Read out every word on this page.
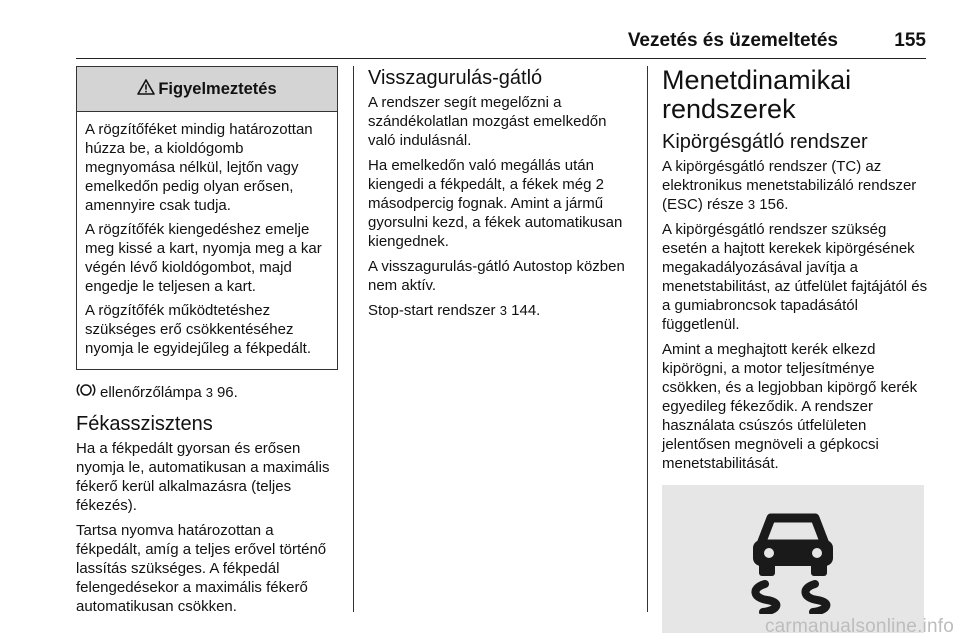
Vezetés és üzemeltetés	155
Figyelmeztetés

A rögzítőféket mindig határozottan húzza be, a kioldógomb megnyomása nélkül, lejtőn vagy emelkedőn pedig olyan erősen, amennyire csak tudja.

A rögzítőfék kiengedéshez emelje meg kissé a kart, nyomja meg a kar végén lévő kioldógombot, majd engedje le teljesen a kart.

A rögzítőfék működtetéshez szükséges erő csökkentéséhez nyomja le egyidejűleg a fékpedált.

ellenőrzőlámpa 3 96.
Fékasszisztens

Ha a fékpedált gyorsan és erősen nyomja le, automatikusan a maximális fékerő kerül alkalmazásra (teljes fékezés).

Tartsa nyomva határozottan a fékpedált, amíg a teljes erővel történő lassítás szükséges. A fékpedál felengedésekor a maximális fékerő automatikusan csökken.

Visszagurulás-gátló

A rendszer segít megelőzni a szándékolatlan mozgást emelkedőn való indulásnál.

Ha emelkedőn való megállás után kiengedi a fékpedált, a fékek még 2 másodpercig fognak. Amint a jármű gyorsulni kezd, a fékek automatikusan kiengednek.

A visszagurulás-gátló Autostop közben nem aktív.

Stop-start rendszer 3 144.

Menetdinamikai rendszerek
Kipörgésgátló rendszer

A kipörgésgátló rendszer (TC) az elektronikus menetstabilizáló rendszer (ESC) része 3 156.

A kipörgésgátló rendszer szükség esetén a hajtott kerekek kipörgésének megakadályozásával javítja a menetstabilitást, az útfelület fajtájától és a gumiabroncsok tapadásától függetlenül.

Amint a meghajtott kerék elkezd kipörögni, a motor teljesítménye csökken, és a legjobban kipörgő kerék egyedileg fékeződik. A rendszer használata csúszós útfelületen jelentősen megnöveli a gépkocsi menetstabilitását.

carmanualsonline.info
